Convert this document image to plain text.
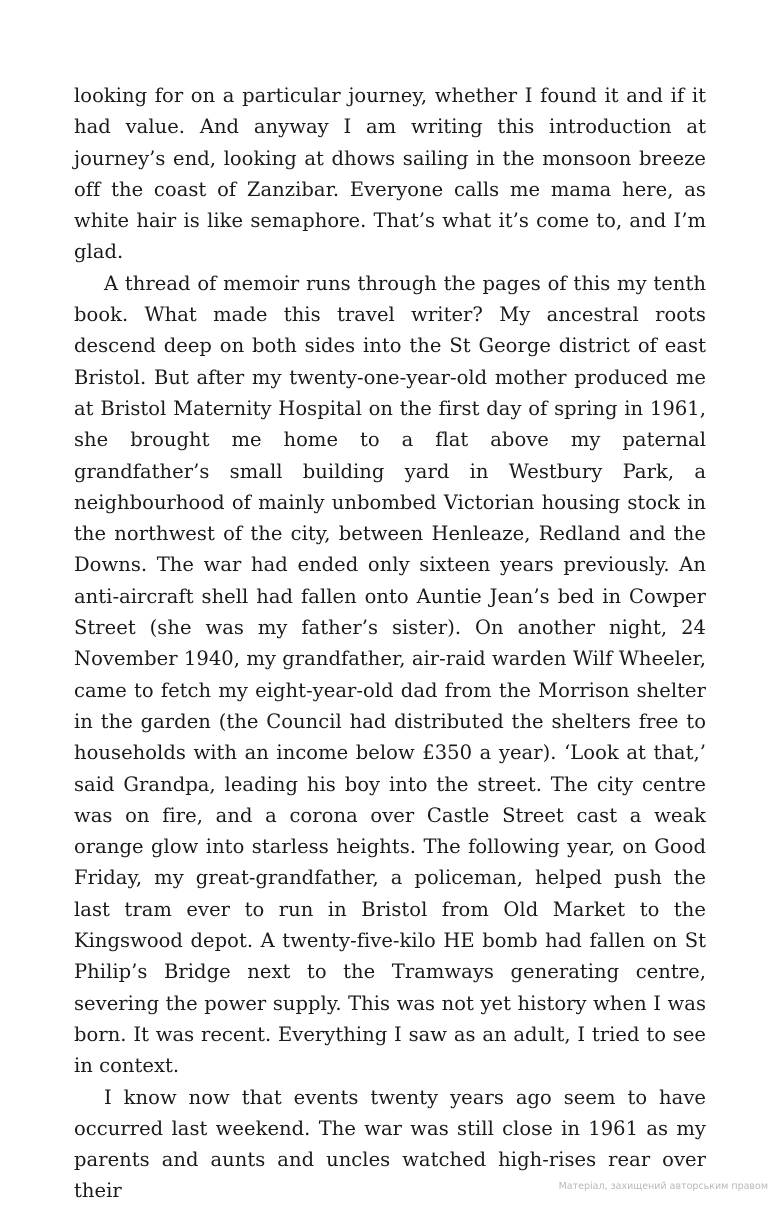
looking for on a particular journey, whether I found it and if it had value. And anyway I am writing this introduction at journey’s end, looking at dhows sailing in the monsoon breeze off the coast of Zanzibar. Everyone calls me mama here, as white hair is like semaphore. That’s what it’s come to, and I’m glad.

A thread of memoir runs through the pages of this my tenth book. What made this travel writer? My ancestral roots descend deep on both sides into the St George district of east Bristol. But after my twenty-one-year-old mother produced me at Bristol Maternity Hospital on the first day of spring in 1961, she brought me home to a flat above my paternal grandfather’s small building yard in Westbury Park, a neighbourhood of mainly unbombed Victorian housing stock in the northwest of the city, between Henleaze, Redland and the Downs. The war had ended only sixteen years previously. An anti-aircraft shell had fallen onto Auntie Jean’s bed in Cowper Street (she was my father’s sister). On another night, 24 November 1940, my grandfather, air-raid warden Wilf Wheeler, came to fetch my eight-year-old dad from the Morrison shelter in the garden (the Council had distributed the shelters free to households with an income below £350 a year). ‘Look at that,’ said Grandpa, leading his boy into the street. The city centre was on fire, and a corona over Castle Street cast a weak orange glow into starless heights. The following year, on Good Friday, my great-grandfather, a policeman, helped push the last tram ever to run in Bristol from Old Market to the Kingswood depot. A twenty-five-kilo HE bomb had fallen on St Philip’s Bridge next to the Tramways generating centre, severing the power supply. This was not yet history when I was born. It was recent. Everything I saw as an adult, I tried to see in context.

I know now that events twenty years ago seem to have occurred last weekend. The war was still close in 1961 as my parents and aunts and uncles watched high-rises rear over their	Матеріал, захищений авторським правом
